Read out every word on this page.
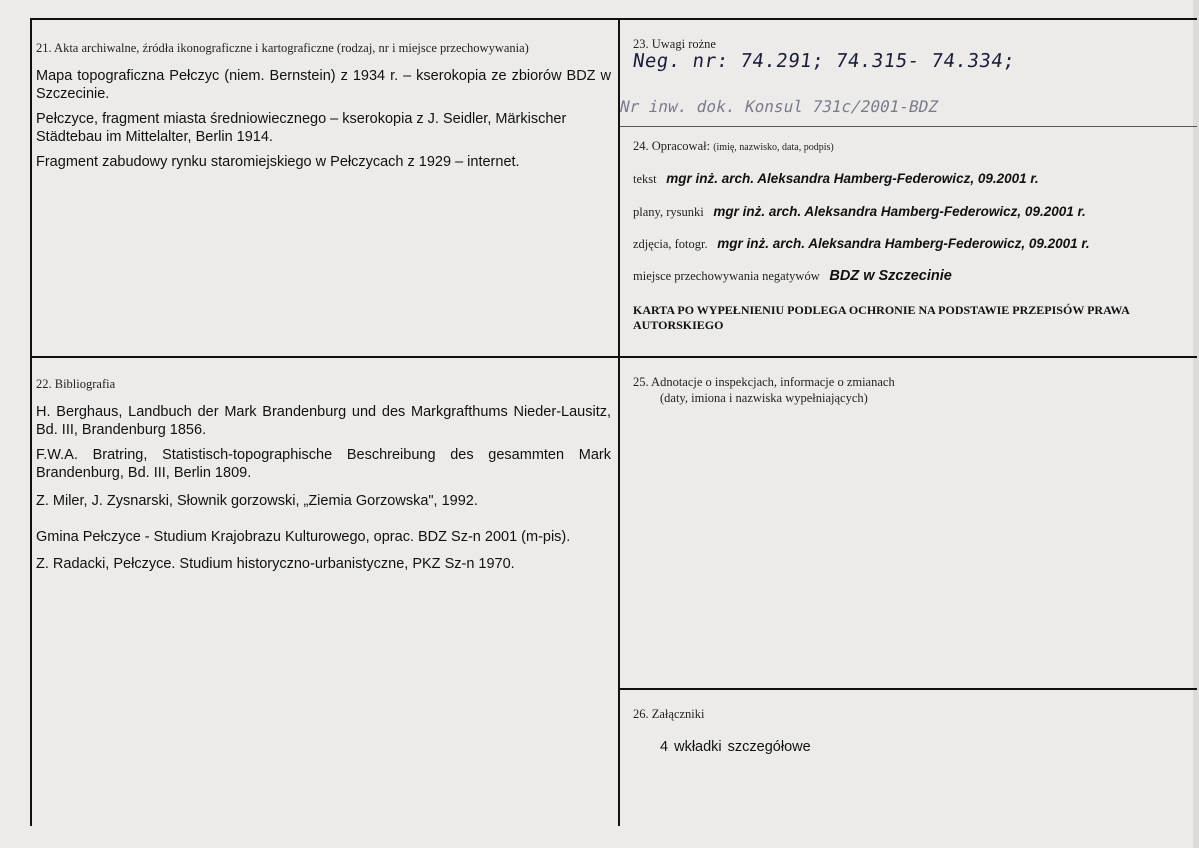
21. Akta archiwalne, źródła ikonograficzne i kartograficzne (rodzaj, nr i miejsce przechowywania)
Mapa topograficzna Pełczyc (niem. Bernstein) z 1934 r. – kserokopia ze zbiorów BDZ w Szczecinie.
Pełczyce, fragment miasta średniowiecznego – kserokopia z J. Seidler, Märkischer Städtebau im Mittelalter, Berlin 1914.
Fragment zabudowy rynku staromiejskiego w Pełczycach z 1929 – internet.
22. Bibliografia
H. Berghaus, Landbuch der Mark Brandenburg und des Markgrafthums Nieder-Lausitz, Bd. III, Brandenburg 1856.
F.W.A. Bratring, Statistisch-topographische Beschreibung des gesammten Mark Brandenburg, Bd. III, Berlin 1809.
Z. Miler, J. Zysnarski, Słownik gorzowski, „Ziemia Gorzowska", 1992.
Gmina Pełczyce - Studium Krajobrazu Kulturowego, oprac. BDZ Sz-n 2001 (m-pis).
Z. Radacki, Pełczyce. Studium historyczno-urbanistyczne, PKZ Sz-n 1970.
23. Uwagi rożne
Neg. nr: 74.291; 74.315- 74.334;
Nr inw. dok. Konsul 731c/2001-BDZ
24. Opracował: (imię, nazwisko, data, podpis)
tekst mgr inż. arch. Aleksandra Hamberg-Federowicz, 09.2001 r.
plany, rysunki mgr inż. arch. Aleksandra Hamberg-Federowicz, 09.2001 r.
zdjęcia, fotogr. mgr inż. arch. Aleksandra Hamberg-Federowicz, 09.2001 r.
miejsce przechowywania negatywów BDZ w Szczecinie
KARTA PO WYPEŁNIENIU PODLEGA OCHRONIE NA PODSTAWIE PRZEPISÓW PRAWA AUTORSKIEGO
25. Adnotacje o inspekcjach, informacje o zmianach
(daty, imiona i nazwiska wypełniających)
26. Załączniki
4 wkładki szczegółowe
